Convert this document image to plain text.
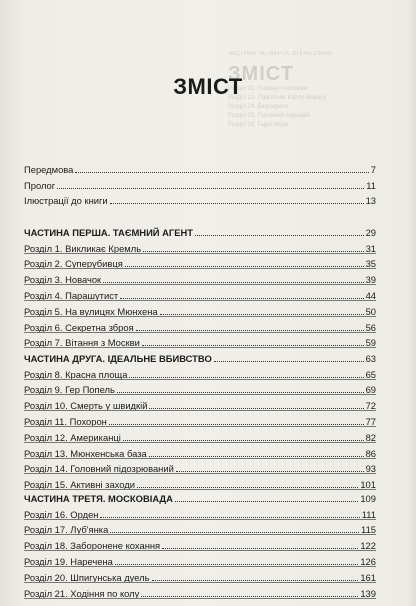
ЧАСТИНА ЧЕТВЕРТА. ВТЕЧА З РАЮ
ЗМІСТ
Розділ 22. Покинуті чоловіки
Розділ 23. Пам'ятник Карлу Марксу
Розділ 24. Бюрократи
Розділ 25. Головний сценарій
Розділ 26. Гарні люди
ЗМІСТ
Передмова	7
Пролог	11
Ілюстрації до книги	13
ЧАСТИНА ПЕРША. ТАЄМНИЙ АГЕНТ	29
Розділ 1. Викликає Кремль	31
Розділ 2. Суперубивця	35
Розділ 3. Новачок	39
Розділ 4. Парашутист	44
Розділ 5. На вулицях Мюнхена	50
Розділ 6. Секретна зброя	56
Розділ 7. Вітання з Москви	59
ЧАСТИНА ДРУГА. ІДЕАЛЬНЕ ВБИВСТВО	63
Розділ 8. Красна площа	65
Розділ 9. Гер Попель	69
Розділ 10. Смерть у швидкій	72
Розділ 11. Похорон	77
Розділ 12. Американці	82
Розділ 13. Мюнхенська база	86
Розділ 14. Головний підозрюваний	93
Розділ 15. Активні заходи	101
ЧАСТИНА ТРЕТЯ. МОСКОВІАДА	109
Розділ 16. Орден	111
Розділ 17. Луб'янка	115
Розділ 18. Заборонене кохання	122
Розділ 19. Наречена	126
Розділ 20. Шпигунська дуель	161
Розділ 21. Ходіння по колу	139
